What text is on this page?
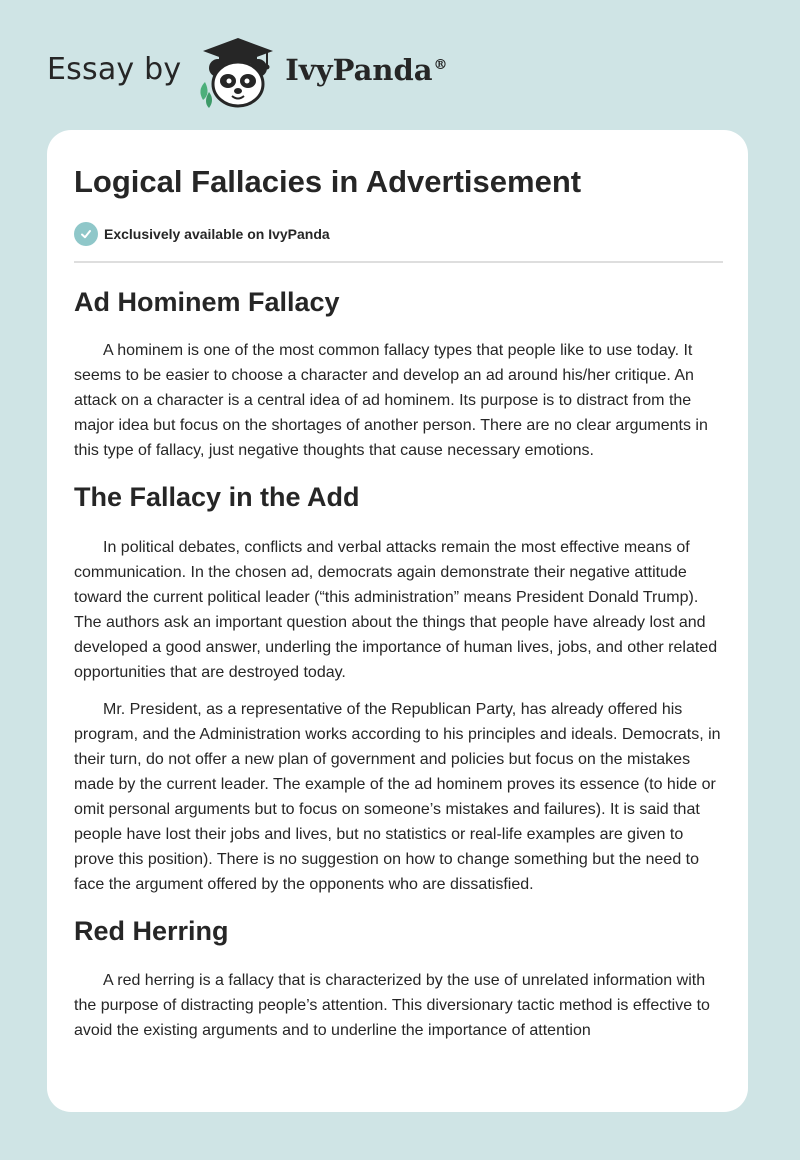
Essay by	IvyPanda®
Logical Fallacies in Advertisement
Exclusively available on IvyPanda
Ad Hominem Fallacy

A hominem is one of the most common fallacy types that people like to use today. It seems to be easier to choose a character and develop an ad around his/her critique. An attack on a character is a central idea of ad hominem. Its purpose is to distract from the major idea but focus on the shortages of another person. There are no clear arguments in this type of fallacy, just negative thoughts that cause necessary emotions.

The Fallacy in the Add

In political debates, conflicts and verbal attacks remain the most effective means of communication. In the chosen ad, democrats again demonstrate their negative attitude toward the current political leader (“this administration” means President Donald Trump). The authors ask an important question about the things that people have already lost and developed a good answer, underling the importance of human lives, jobs, and other related opportunities that are destroyed today.

Mr. President, as a representative of the Republican Party, has already offered his program, and the Administration works according to his principles and ideals. Democrats, in their turn, do not offer a new plan of government and policies but focus on the mistakes made by the current leader. The example of the ad hominem proves its essence (to hide or omit personal arguments but to focus on someone’s mistakes and failures). It is said that people have lost their jobs and lives, but no statistics or real-life examples are given to prove this position). There is no suggestion on how to change something but the need to face the argument offered by the opponents who are dissatisfied.

Red Herring

A red herring is a fallacy that is characterized by the use of unrelated information with the purpose of distracting people’s attention. This diversionary tactic method is effective to avoid the existing arguments and to underline the importance of attention
